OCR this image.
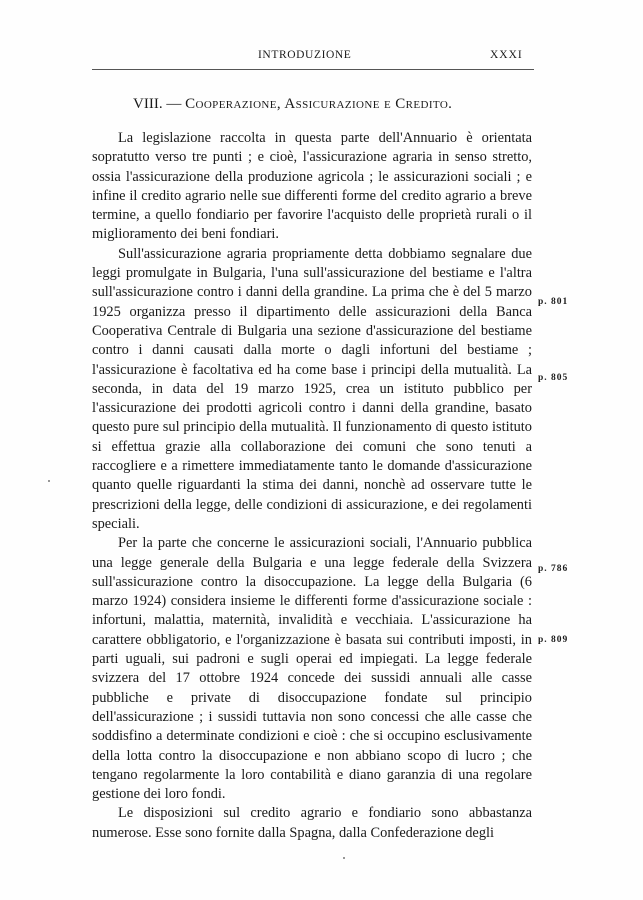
INTRODUZIONE	XXXI
VIII. — Cooperazione, Assicurazione e Credito.

La legislazione raccolta in questa parte dell'Annuario è orientata sopratutto verso tre punti ; e cioè, l'assicurazione agraria in senso stretto, ossia l'assicurazione della produzione agricola ; le assicurazioni sociali ; e infine il credito agrario nelle sue differenti forme del credito agrario a breve termine, a quello fondiario per favorire l'acquisto delle proprietà rurali o il miglioramento dei beni fondiari.

Sull'assicurazione agraria propriamente detta dobbiamo segnalare due leggi promulgate in Bulgaria, l'una sull'assicurazione del bestiame e l'altra sull'assicurazione contro i danni della grandine. La prima che è del 5 marzo 1925 organizza presso il dipartimento delle assicurazioni della Banca Cooperativa Centrale di Bulgaria una sezione d'assicurazione del bestiame contro i danni causati dalla morte o dagli infortuni del bestiame ; l'assicurazione è facoltativa ed ha come base i principi della mutualità. La seconda, in data del 19 marzo 1925, crea un istituto pubblico per l'assicurazione dei prodotti agricoli contro i danni della grandine, basato questo pure sul principio della mutualità. Il funzionamento di questo istituto si effettua grazie alla collaborazione dei comuni che sono tenuti a raccogliere e a rimettere immediatamente tanto le domande d'assicurazione quanto quelle riguardanti la stima dei danni, nonchè ad osservare tutte le prescrizioni della legge, delle condizioni di assicurazione, e dei regolamenti speciali.

Per la parte che concerne le assicurazioni sociali, l'Annuario pubblica una legge generale della Bulgaria e una legge federale della Svizzera sull'assicurazione contro la disoccupazione. La legge della Bulgaria (6 marzo 1924) considera insieme le differenti forme d'assicurazione sociale : infortuni, malattia, maternità, invalidità e vecchiaia. L'assicurazione ha carattere obbligatorio, e l'organizzazione è basata sui contributi imposti, in parti uguali, sui padroni e sugli operai ed impiegati. La legge federale svizzera del 17 ottobre 1924 concede dei sussidi annuali alle casse pubbliche e private di disoccupazione fondate sul principio dell'assicurazione ; i sussidi tuttavia non sono concessi che alle casse che soddisfino a determinate condizioni e cioè : che si occupino esclusivamente della lotta contro la disoccupazione e non abbiano scopo di lucro ; che tengano regolarmente la loro contabilità e diano garanzia di una regolare gestione dei loro fondi.

Le disposizioni sul credito agrario e fondiario sono abbastanza numerose. Esse sono fornite dalla Spagna, dalla Confederazione degli

p. 801
p. 805
p. 786
p. 809
